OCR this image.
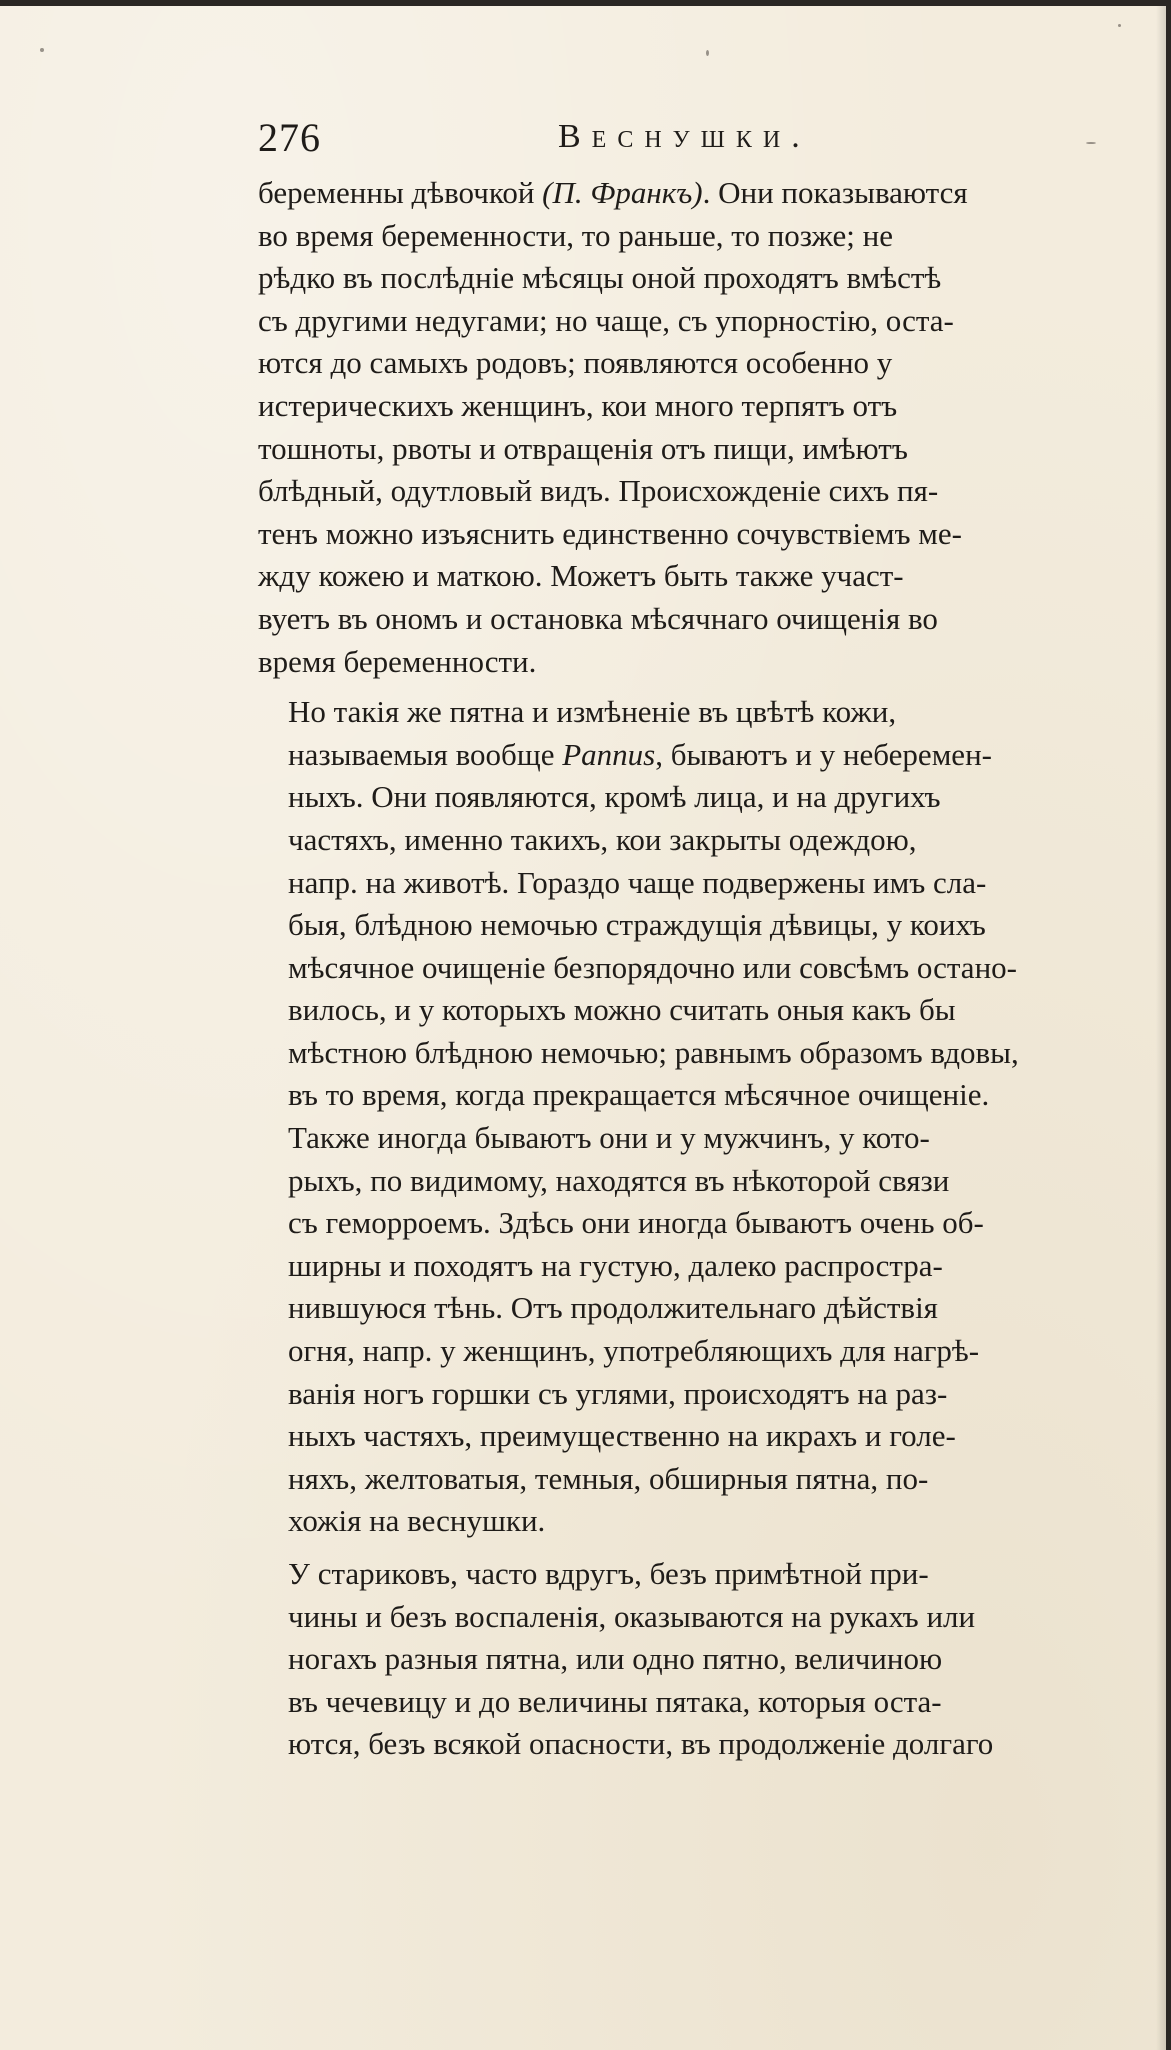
276	Веснушки.

беременны дѣвочкой (П. Франкъ). Они показываются
во время беременности, то раньше, то позже; не
рѣдко въ послѣдніе мѣсяцы оной проходятъ вмѣстѣ
съ другими недугами; но чаще, съ упорностію, оста-
ются до самыхъ родовъ; появляются особенно у
истерическихъ женщинъ, кои много терпятъ отъ
тошноты, рвоты и отвращенія отъ пищи, имѣютъ
блѣдный, одутловый видъ. Происхожденіе сихъ пя-
тенъ можно изъяснить единственно сочувствіемъ ме-
жду кожею и маткою. Можетъ быть также участ-
вуетъ въ ономъ и остановка мѣсячнаго очищенія во
время беременности.

Но такія же пятна и измѣненіе въ цвѣтѣ кожи,
называемыя вообще Pannus, бываютъ и у неберемен-
ныхъ. Они появляются, кромѣ лица, и на другихъ
частяхъ, именно такихъ, кои закрыты одеждою,
напр. на животѣ. Гораздо чаще подвержены имъ сла-
быя, блѣдною немочью страждущія дѣвицы, у коихъ
мѣсячное очищеніе безпорядочно или совсѣмъ остано-
вилось, и у которыхъ можно считать оныя какъ бы
мѣстною блѣдною немочью; равнымъ образомъ вдовы,
въ то время, когда прекращается мѣсячное очищеніе.
Также иногда бываютъ они и у мужчинъ, у кото-
рыхъ, по видимому, находятся въ нѣкоторой связи
съ геморроемъ. Здѣсь они иногда бываютъ очень об-
ширны и походятъ на густую, далеко распростра-
нившуюся тѣнь. Отъ продолжительнаго дѣйствія
огня, напр. у женщинъ, употребляющихъ для нагрѣ-
ванія ногъ горшки съ углями, происходятъ на раз-
ныхъ частяхъ, преимущественно на икрахъ и голе-
няхъ, желтоватыя, темныя, обширныя пятна, по-
хожія на веснушки.

У стариковъ, часто вдругъ, безъ примѣтной при-
чины и безъ воспаленія, оказываются на рукахъ или
ногахъ разныя пятна, или одно пятно, величиною
въ чечевицу и до величины пятака, которыя оста-
ются, безъ всякой опасности, въ продолженіе долгаго
